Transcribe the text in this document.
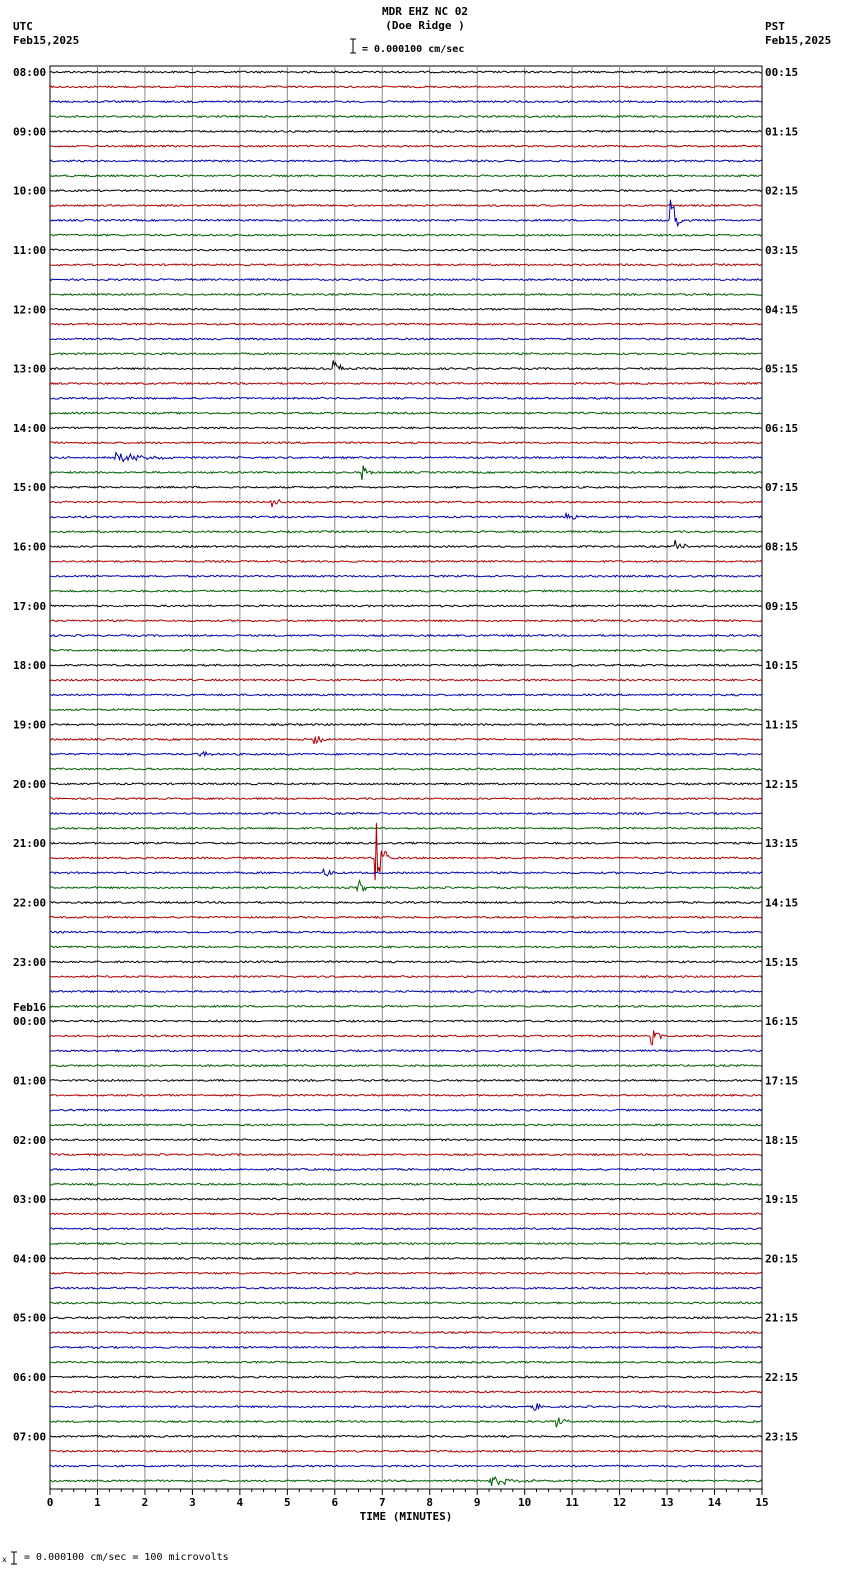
MDR EHZ NC 02
(Doe Ridge )
UTC
Feb15,2025
PST
Feb15,2025
= 0.000100 cm/sec
0	1	2	3	4	5	6	7	8	9	10	11	12	13	14	15
TIME (MINUTES)
08:00
09:00
10:00
11:00
12:00
13:00
14:00
15:00
16:00
17:00
18:00
19:00
20:00
21:00
22:00
23:00
00:00
Feb16
01:00
02:00
03:00
04:00
05:00
06:00
07:00
00:15
01:15
02:15
03:15
04:15
05:15
06:15
07:15
08:15
09:15
10:15
11:15
12:15
13:15
14:15
15:15
16:15
17:15
18:15
19:15
20:15
21:15
22:15
23:15
x = 0.000100 cm/sec = 100 microvolts
